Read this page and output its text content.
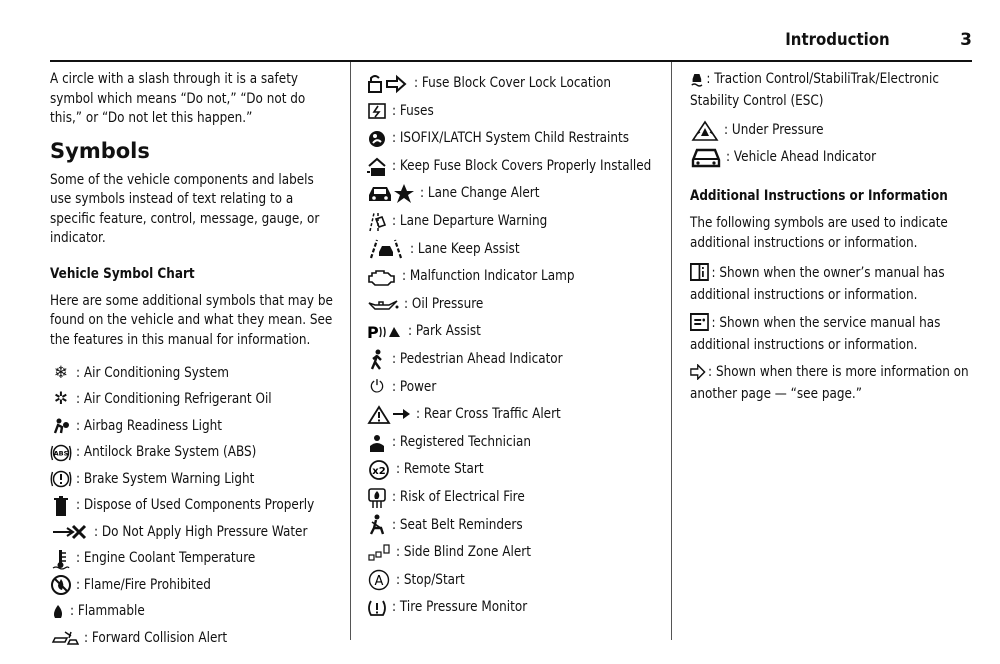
Introduction	3

A circle with a slash through it is a safety symbol which means “Do not,” “Do not do this,” or “Do not let this happen.”

Symbols

Some of the vehicle components and labels use symbols instead of text relating to a specific feature, control, message, gauge, or indicator.

Vehicle Symbol Chart

Here are some additional symbols that may be found on the vehicle and what they mean. See the features in this manual for information.

❄ : Air Conditioning System
✲ : Air Conditioning Refrigerant Oil
: Airbag Readiness Light
ABS : Antilock Brake System (ABS)
: Brake System Warning Light
: Dispose of Used Components Properly
: Do Not Apply High Pressure Water
: Engine Coolant Temperature
: Flame/Fire Prohibited
: Flammable
: Forward Collision Alert
: Fuse Block Cover Lock Location
: Fuses
: ISOFIX/LATCH System Child Restraints
: Keep Fuse Block Covers Properly Installed
: Lane Change Alert
: Lane Departure Warning
: Lane Keep Assist
: Malfunction Indicator Lamp
: Oil Pressure
P : Park Assist
: Pedestrian Ahead Indicator
⏻ : Power
: Rear Cross Traffic Alert
: Registered Technician
x2 : Remote Start
: Risk of Electrical Fire
: Seat Belt Reminders
: Side Blind Zone Alert
A : Stop/Start
: Tire Pressure Monitor
: Traction Control/StabiliTrak/Electronic Stability Control (ESC)
: Under Pressure
: Vehicle Ahead Indicator
Additional Instructions or Information

The following symbols are used to indicate additional instructions or information.

: Shown when the owner’s manual has additional instructions or information.
: Shown when the service manual has additional instructions or information.
: Shown when there is more information on another page — “see page.”
